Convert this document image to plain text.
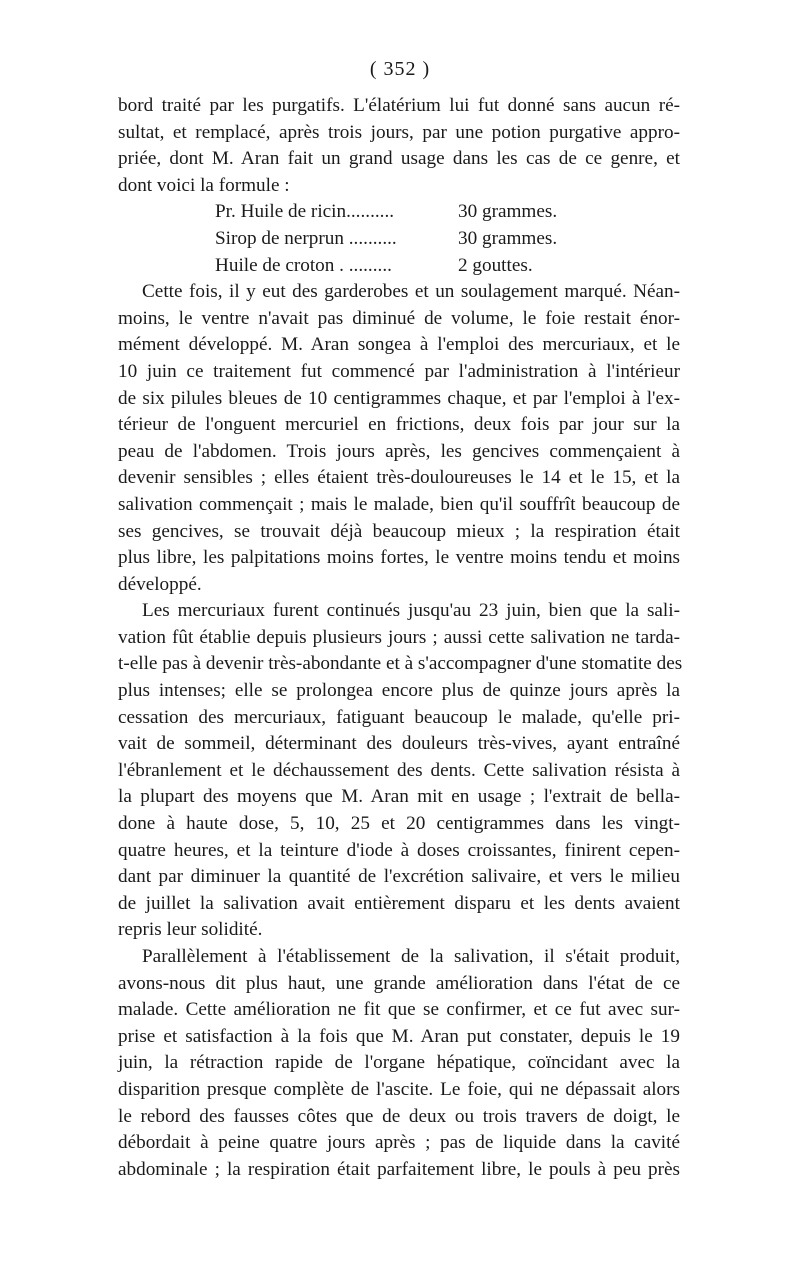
( 352 )
bord traité par les purgatifs. L'élatérium lui fut donné sans aucun ré-
sultat, et remplacé, après trois jours, par une potion purgative appro-
priée, dont M. Aran fait un grand usage dans les cas de ce genre, et
dont voici la formule :
Pr. Huile de ricin..........	30 grammes.
Sirop de nerprun ..........	30 grammes.
Huile de croton . .........	2 gouttes.
Cette fois, il y eut des garderobes et un soulagement marqué. Néan-
moins, le ventre n'avait pas diminué de volume, le foie restait énor-
mément développé. M. Aran songea à l'emploi des mercuriaux, et le
10 juin ce traitement fut commencé par l'administration à l'intérieur
de six pilules bleues de 10 centigrammes chaque, et par l'emploi à l'ex-
térieur de l'onguent mercuriel en frictions, deux fois par jour sur la
peau de l'abdomen. Trois jours après, les gencives commençaient à
devenir sensibles ; elles étaient très-douloureuses le 14 et le 15, et la
salivation commençait ; mais le malade, bien qu'il souffrît beaucoup de
ses gencives, se trouvait déjà beaucoup mieux ; la respiration était
plus libre, les palpitations moins fortes, le ventre moins tendu et moins
développé.
Les mercuriaux furent continués jusqu'au 23 juin, bien que la sali-
vation fût établie depuis plusieurs jours ; aussi cette salivation ne tarda-
t-elle pas à devenir très-abondante et à s'accompagner d'une stomatite des
plus intenses; elle se prolongea encore plus de quinze jours après la
cessation des mercuriaux, fatiguant beaucoup le malade, qu'elle pri-
vait de sommeil, déterminant des douleurs très-vives, ayant entraîné
l'ébranlement et le déchaussement des dents. Cette salivation résista à
la plupart des moyens que M. Aran mit en usage ; l'extrait de bella-
done à haute dose, 5, 10, 25 et 20 centigrammes dans les vingt-
quatre heures, et la teinture d'iode à doses croissantes, finirent cepen-
dant par diminuer la quantité de l'excrétion salivaire, et vers le milieu
de juillet la salivation avait entièrement disparu et les dents avaient
repris leur solidité.
Parallèlement à l'établissement de la salivation, il s'était produit,
avons-nous dit plus haut, une grande amélioration dans l'état de ce
malade. Cette amélioration ne fit que se confirmer, et ce fut avec sur-
prise et satisfaction à la fois que M. Aran put constater, depuis le 19
juin, la rétraction rapide de l'organe hépatique, coïncidant avec la
disparition presque complète de l'ascite. Le foie, qui ne dépassait alors
le rebord des fausses côtes que de deux ou trois travers de doigt, le
débordait à peine quatre jours après ; pas de liquide dans la cavité
abdominale ; la respiration était parfaitement libre, le pouls à peu près
